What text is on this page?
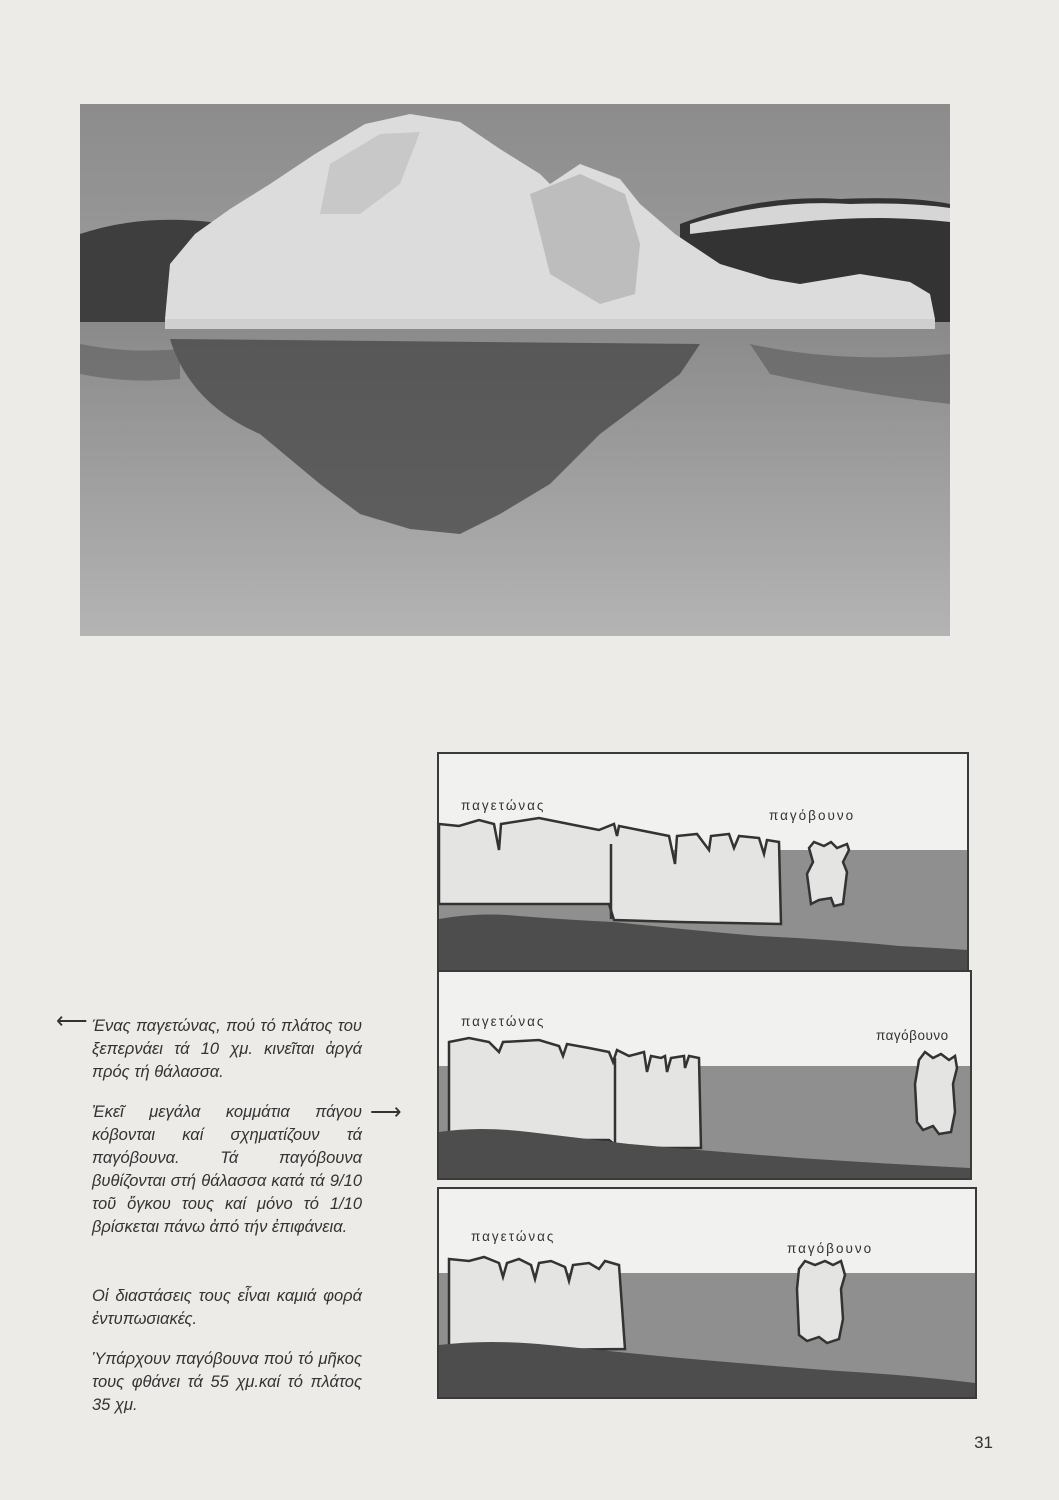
παγετώνας
παγόβουνο
παγετώνας
παγόβουνο
παγετώνας
παγόβουνο
⟵ Ένας παγετώνας, πού τό πλάτος του ξεπερνάει τά 10 χμ. κινεῖται ἀργά πρός τή θάλασσα.
Ἐκεῖ μεγάλα κομμάτια πάγου κόβονται καί σχηματίζουν τά παγόβουνα. Τά παγόβουνα βυθίζονται στή θάλασσα κατά τά 9/10 τοῦ ὄγκου τους καί μόνο τό 1/10 βρίσκεται πάνω ἀπό τήν ἐπιφάνεια.
⟶
Οἱ διαστάσεις τους εἶναι καμιά φορά ἐντυπωσιακές.
Ὑπάρχουν παγόβουνα πού τό μῆκος τους φθάνει τά 55 χμ.καί τό πλάτος 35 χμ.
31
